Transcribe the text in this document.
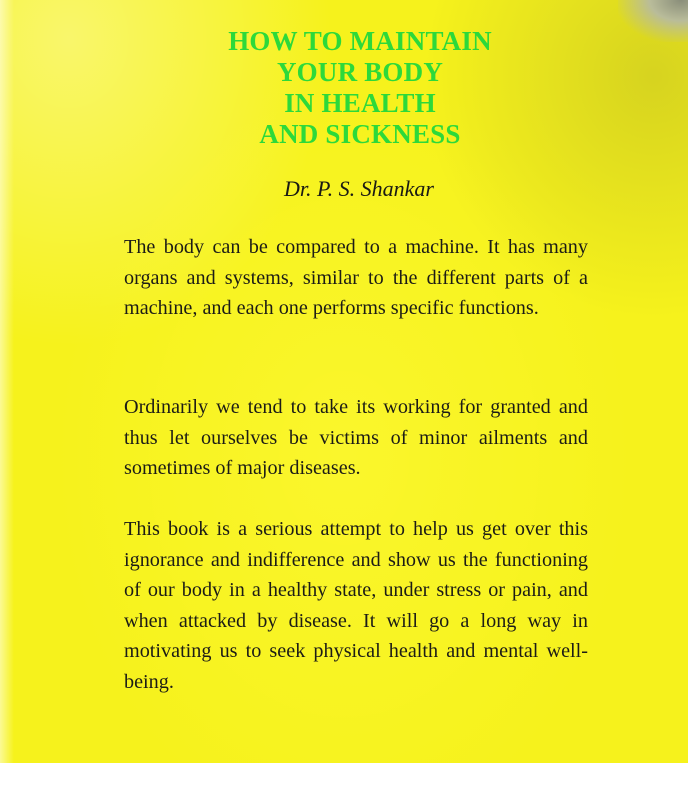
HOW TO MAINTAIN
YOUR BODY
IN HEALTH
AND SICKNESS
Dr. P. S. Shankar

The body can be compared to a machine. It has many organs and systems, similar to the different parts of a machine, and each one performs specific functions.

Ordinarily we tend to take its working for granted and thus let ourselves be victims of minor ailments and sometimes of major diseases.

This book is a serious attempt to help us get over this ignorance and indifference and show us the functioning of our body in a healthy state, under stress or pain, and when attacked by disease. It will go a long way in motivating us to seek physical health and mental well-being.
